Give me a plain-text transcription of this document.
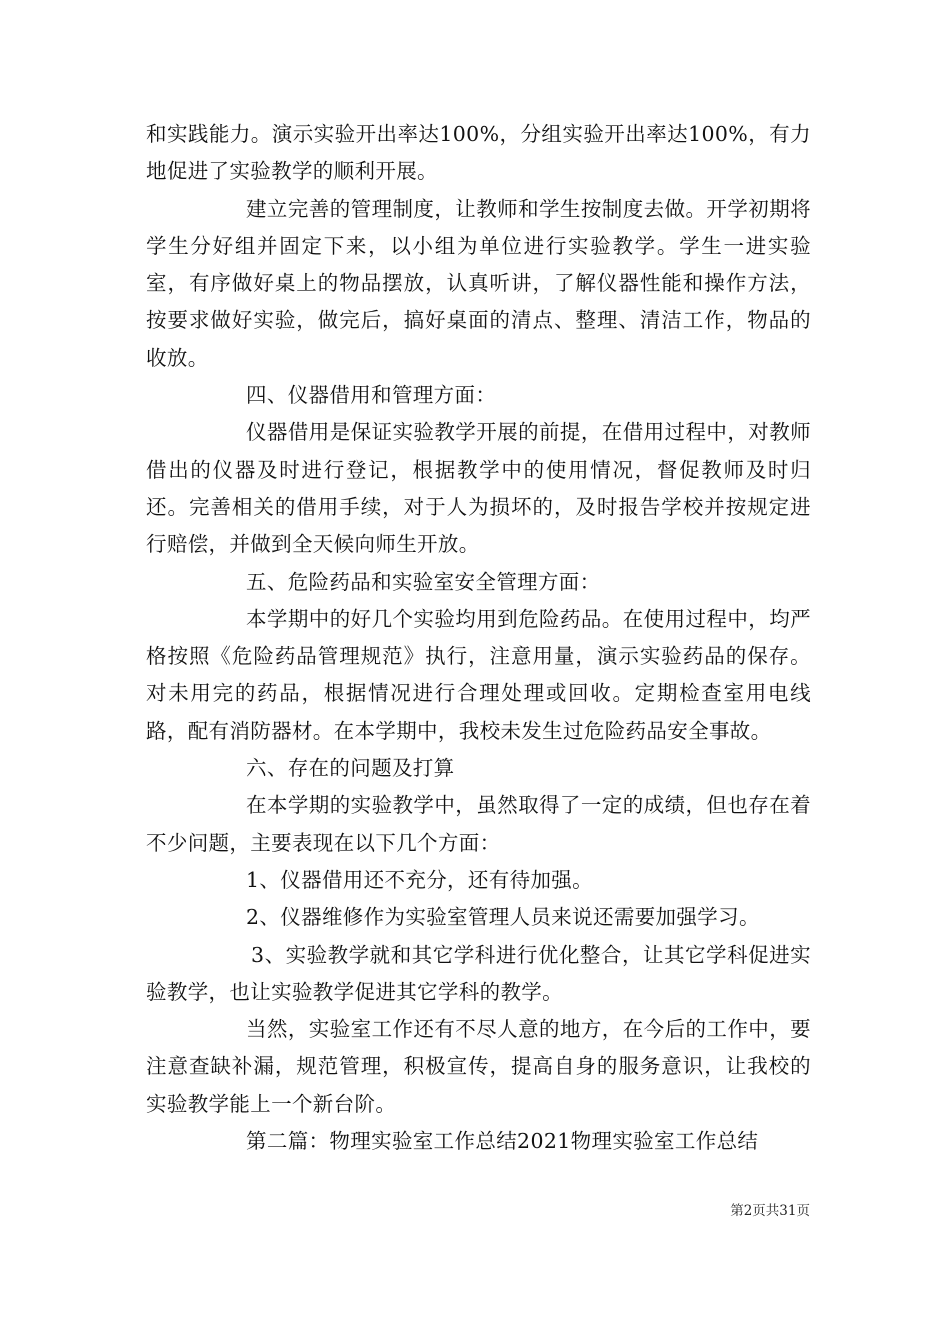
和实践能力。演示实验开出率达100%，分组实验开出率达100%，有力地促进了实验教学的顺利开展。

建立完善的管理制度，让教师和学生按制度去做。开学初期将学生分好组并固定下来，以小组为单位进行实验教学。学生一进实验室，有序做好桌上的物品摆放，认真听讲，了解仪器性能和操作方法，按要求做好实验，做完后，搞好桌面的清点、整理、清洁工作，物品的收放。

四、仪器借用和管理方面：

仪器借用是保证实验教学开展的前提，在借用过程中，对教师借出的仪器及时进行登记，根据教学中的使用情况，督促教师及时归还。完善相关的借用手续，对于人为损坏的，及时报告学校并按规定进行赔偿，并做到全天候向师生开放。

五、危险药品和实验室安全管理方面：

本学期中的好几个实验均用到危险药品。在使用过程中，均严格按照《危险药品管理规范》执行，注意用量，演示实验药品的保存。对未用完的药品，根据情况进行合理处理或回收。定期检查室用电线路，配有消防器材。在本学期中，我校未发生过危险药品安全事故。

六、存在的问题及打算

在本学期的实验教学中，虽然取得了一定的成绩，但也存在着不少问题，主要表现在以下几个方面：

1、仪器借用还不充分，还有待加强。

2、仪器维修作为实验室管理人员来说还需要加强学习。

3、实验教学就和其它学科进行优化整合，让其它学科促进实验教学，也让实验教学促进其它学科的教学。

当然，实验室工作还有不尽人意的地方，在今后的工作中，要注意查缺补漏，规范管理，积极宣传，提高自身的服务意识，让我校的实验教学能上一个新台阶。

第二篇：物理实验室工作总结2021物理实验室工作总结

第2页共31页
